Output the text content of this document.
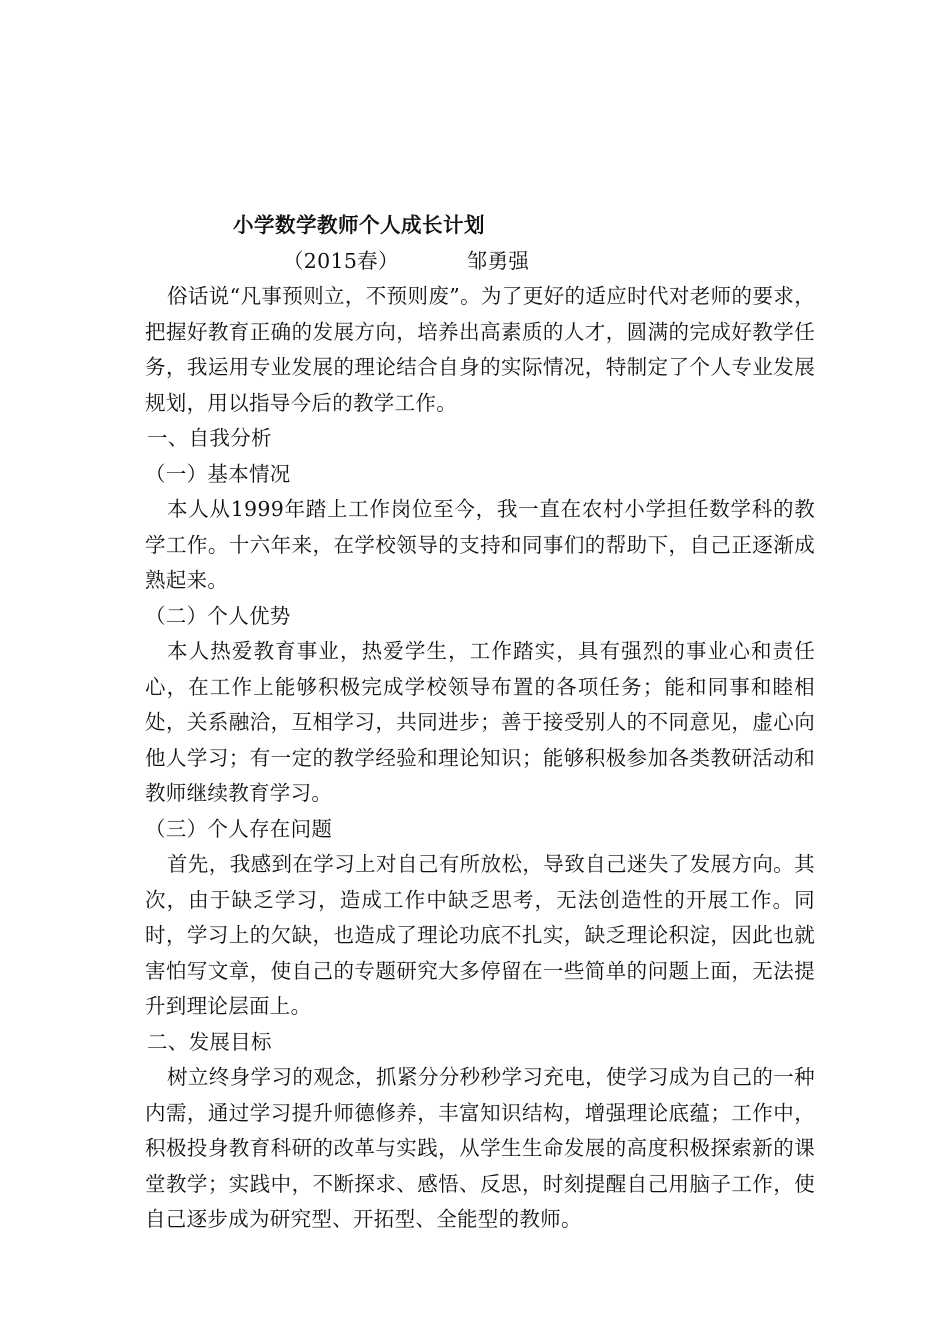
小学数学教师个人成长计划
（2015春）	邹勇强

俗话说“凡事预则立，不预则废”。为了更好的适应时代对老师的要求，把握好教育正确的发展方向，培养出高素质的人才，圆满的完成好教学任务，我运用专业发展的理论结合自身的实际情况，特制定了个人专业发展规划，用以指导今后的教学工作。

一、自我分析

（一）基本情况

本人从1999年踏上工作岗位至今，我一直在农村小学担任数学科的教学工作。十六年来，在学校领导的支持和同事们的帮助下，自己正逐渐成熟起来。

（二）个人优势

本人热爱教育事业，热爱学生，工作踏实，具有强烈的事业心和责任心，在工作上能够积极完成学校领导布置的各项任务；能和同事和睦相处，关系融洽，互相学习，共同进步；善于接受别人的不同意见，虚心向他人学习；有一定的教学经验和理论知识；能够积极参加各类教研活动和教师继续教育学习。

（三）个人存在问题

首先，我感到在学习上对自己有所放松，导致自己迷失了发展方向。其次，由于缺乏学习，造成工作中缺乏思考，无法创造性的开展工作。同时，学习上的欠缺，也造成了理论功底不扎实，缺乏理论积淀，因此也就害怕写文章，使自己的专题研究大多停留在一些简单的问题上面，无法提升到理论层面上。

二、发展目标

树立终身学习的观念，抓紧分分秒秒学习充电，使学习成为自己的一种内需，通过学习提升师德修养，丰富知识结构，增强理论底蕴；工作中，积极投身教育科研的改革与实践，从学生生命发展的高度积极探索新的课堂教学；实践中，不断探求、感悟、反思，时刻提醒自己用脑子工作，使自己逐步成为研究型、开拓型、全能型的教师。
